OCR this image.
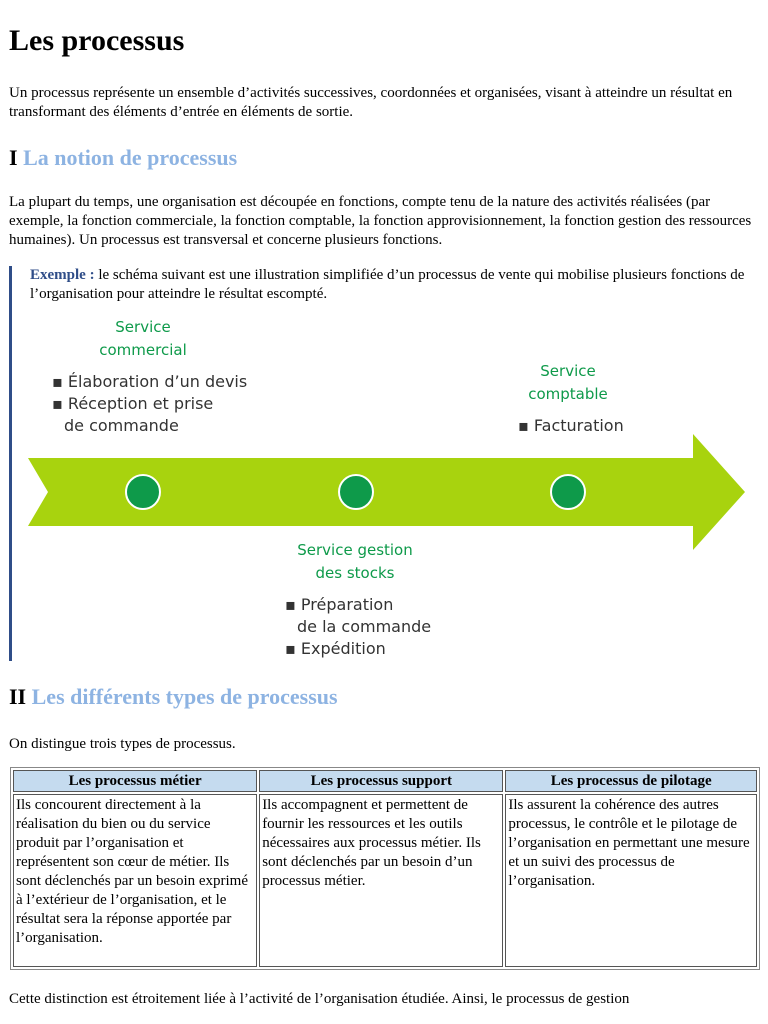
Les processus

Un processus représente un ensemble d’activités successives, coordonnées et organisées, visant à atteindre un résultat en transformant des éléments d’entrée en éléments de sortie.

I La notion de processus

La plupart du temps, une organisation est découpée en fonctions, compte tenu de la nature des activités réalisées (par exemple, la fonction commerciale, la fonction comptable, la fonction approvisionnement, la fonction gestion des ressources humaines). Un processus est transversal et concerne plusieurs fonctions.

Exemple : le schéma suivant est une illustration simplifiée d’un processus de vente qui mobilise plusieurs fonctions de l’organisation pour atteindre le résultat escompté.

Service
commercial
▪ Élaboration d’un devis
▪ Réception et prise
de commande
Service
comptable
▪ Facturation
Service gestion
des stocks
▪ Préparation
de la commande
▪ Expédition
II Les différents types de processus

On distingue trois types de processus.

Les processus métier	Les processus support	Les processus de pilotage
Ils concourent directement à la réalisation du bien ou du service produit par l’organisation et représentent son cœur de métier. Ils sont déclenchés par un besoin exprimé à l’extérieur de l’organisation, et le résultat sera la réponse apportée par l’organisation.	Ils accompagnent et permettent de fournir les ressources et les outils nécessaires aux processus métier. Ils sont déclenchés par un besoin d’un processus métier.	Ils assurent la cohérence des autres processus, le contrôle et le pilotage de l’organisation en permettant une mesure et un suivi des processus de l’organisation.

Cette distinction est étroitement liée à l’activité de l’organisation étudiée. Ainsi, le processus de gestion
